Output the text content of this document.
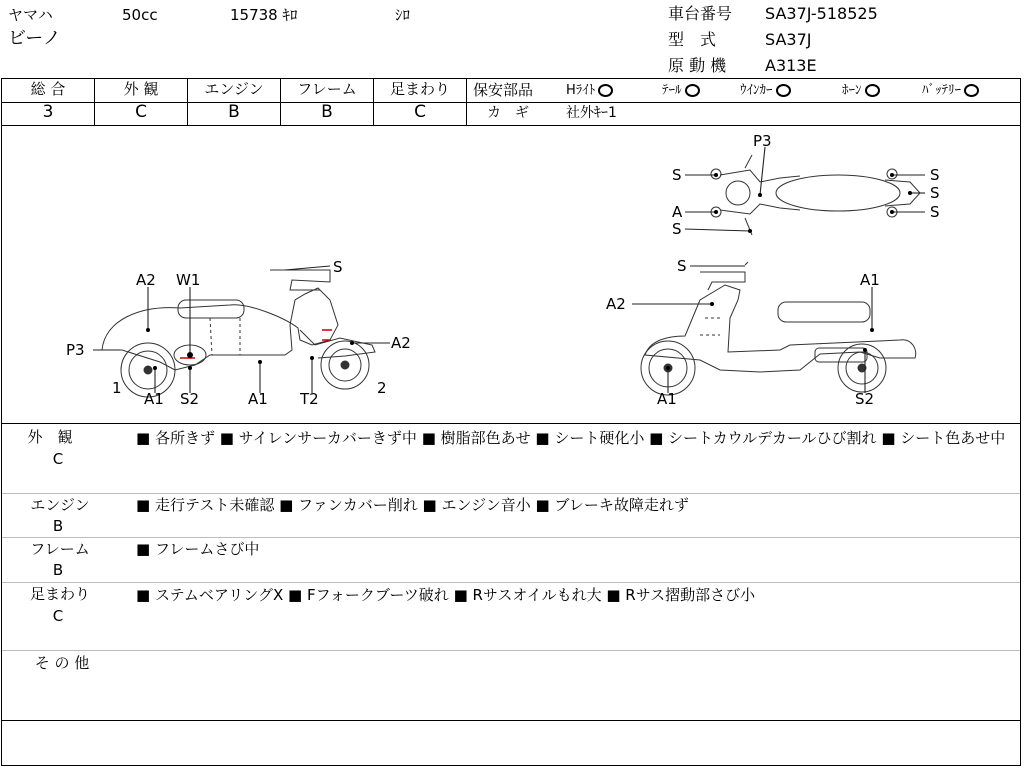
ヤマハ	50cc	15738 ｷﾛ	ｼﾛ
ビーノ
車台番号 SA37J-518525
型　式	SA37J
原 動 機 A313E
総 合
3
外 観
C
エンジン
B
フレーム
B
足まわり
C
保安部品	Hﾗｲﾄ	ﾃｰﾙ	ｳｲﾝｶｰ	ﾎｰﾝ	ﾊﾞｯﾃﾘｰ
カ　ギ	社外ｷｰ1
A2 W1
S
P3	A2
1
A1 S2	A1 T2
2
P3
S	S
S
A	S
S
S
A2
A1
A1	S2
外　観
C
■ 各所きず ■ サイレンサーカバーきず中 ■ 樹脂部色あせ ■ シート硬化小 ■ シートカウルデカールひび割れ ■ シート色あせ中
エンジン
B
■ 走行テスト未確認 ■ ファンカバー削れ ■ エンジン音小 ■ ブレーキ故障走れず
フレーム
B
■ フレームさび中
足まわり
C
■ ステムベアリングX ■ Fフォークブーツ破れ ■ Rサスオイルもれ大 ■ Rサス摺動部さび小
そ の 他
